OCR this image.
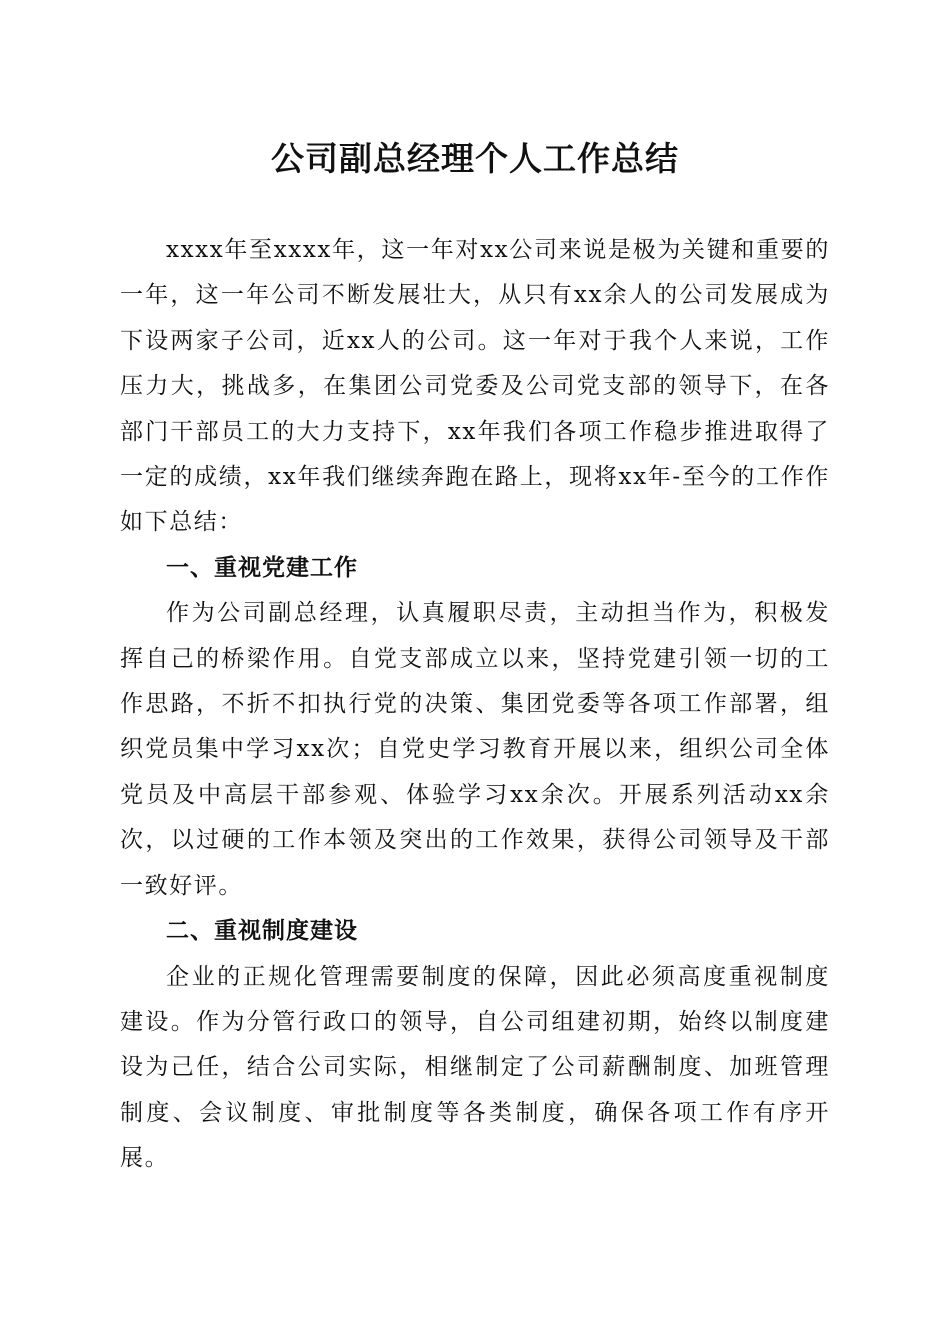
公司副总经理个人工作总结

xxxx年至xxxx年，这一年对xx公司来说是极为关键和重要的一年，这一年公司不断发展壮大，从只有xx余人的公司发展成为下设两家子公司，近xx人的公司。这一年对于我个人来说，工作压力大，挑战多，在集团公司党委及公司党支部的领导下，在各部门干部员工的大力支持下，xx年我们各项工作稳步推进取得了一定的成绩，xx年我们继续奔跑在路上，现将xx年-至今的工作作如下总结：

一、重视党建工作

作为公司副总经理，认真履职尽责，主动担当作为，积极发挥自己的桥梁作用。自党支部成立以来，坚持党建引领一切的工作思路，不折不扣执行党的决策、集团党委等各项工作部署，组织党员集中学习xx次；自党史学习教育开展以来，组织公司全体党员及中高层干部参观、体验学习xx余次。开展系列活动xx余次，以过硬的工作本领及突出的工作效果，获得公司领导及干部一致好评。

二、重视制度建设

企业的正规化管理需要制度的保障，因此必须高度重视制度建设。作为分管行政口的领导，自公司组建初期，始终以制度建设为己任，结合公司实际，相继制定了公司薪酬制度、加班管理制度、会议制度、审批制度等各类制度，确保各项工作有序开展。
